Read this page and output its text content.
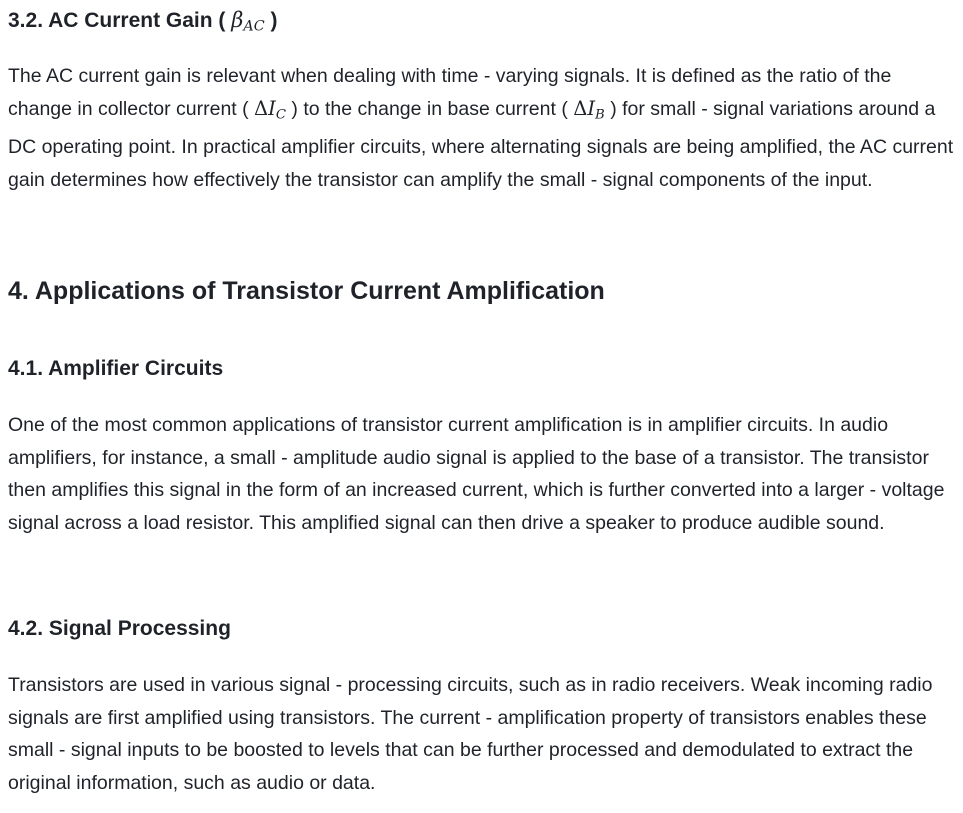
3.2. AC Current Gain ( $\beta_{AC}$ )

The AC current gain is relevant when dealing with time - varying signals. It is defined as the ratio of the change in collector current ( $\Delta I_C$ ) to the change in base current ( $\Delta I_B$ ) for small - signal variations around a DC operating point. In practical amplifier circuits, where alternating signals are being amplified, the AC current gain determines how effectively the transistor can amplify the small - signal components of the input.

4. Applications of Transistor Current Amplification
4.1. Amplifier Circuits

One of the most common applications of transistor current amplification is in amplifier circuits. In audio amplifiers, for instance, a small - amplitude audio signal is applied to the base of a transistor. The transistor then amplifies this signal in the form of an increased current, which is further converted into a larger - voltage signal across a load resistor. This amplified signal can then drive a speaker to produce audible sound.

4.2. Signal Processing

Transistors are used in various signal - processing circuits, such as in radio receivers. Weak incoming radio signals are first amplified using transistors. The current - amplification property of transistors enables these small - signal inputs to be boosted to levels that can be further processed and demodulated to extract the original information, such as audio or data.
